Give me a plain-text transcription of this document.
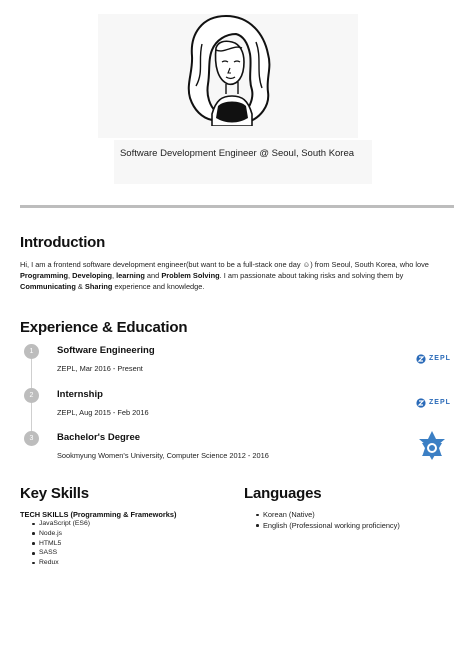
Software Development Engineer @ Seoul, South Korea
Introduction

Hi, I am a frontend software development engineer(but want to be a full-stack one day ☺) from Seoul, South Korea, who love Programming, Developing, learning and Problem Solving. I am passionate about taking risks and solving them by Communicating & Sharing experience and knowledge.

Experience & Education
1	Software Engineering
ZEPL, Mar 2016 - Present
ZEPL
2	Internship
ZEPL, Aug 2015 - Feb 2016
ZEPL
3	Bachelor's Degree
Sookmyung Women's University, Computer Science 2012 - 2016
Key Skills
TECH SKILLS (Programming & Frameworks)
JavaScript (ES6)
Node.js
HTML5
SASS
Redux
Languages
Korean (Native)
English (Professional working proficiency)
